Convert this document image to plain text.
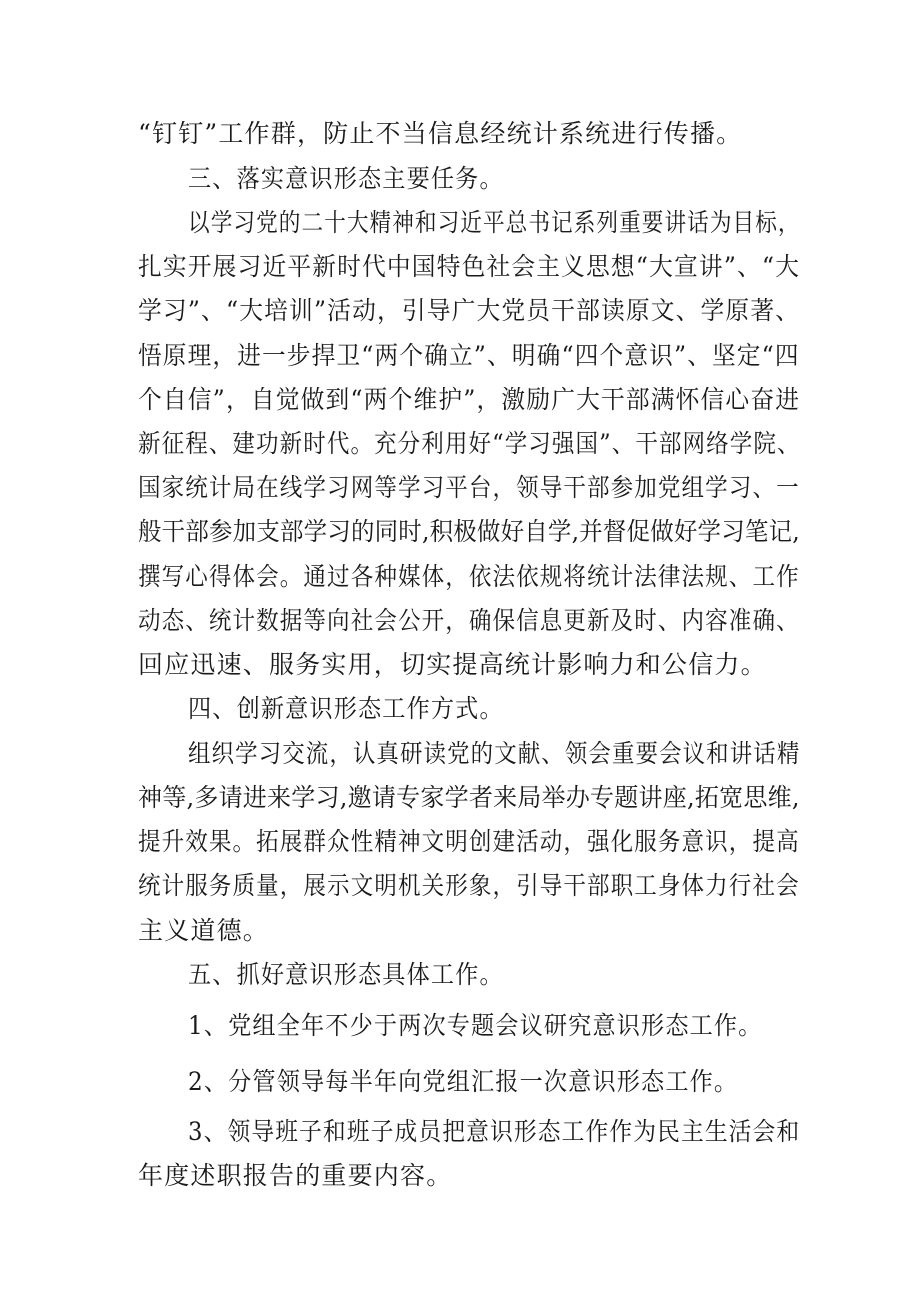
“钉钉”工作群，防止不当信息经统计系统进行传播。

三、落实意识形态主要任务。

以学习党的二十大精神和习近平总书记系列重要讲话为目标，

扎实开展习近平新时代中国特色社会主义思想“大宣讲”、“大

学习”、“大培训”活动，引导广大党员干部读原文、学原著、

悟原理，进一步捍卫“两个确立”、明确“四个意识”、坚定“四

个自信”，自觉做到“两个维护”，激励广大干部满怀信心奋进

新征程、建功新时代。充分利用好“学习强国”、干部网络学院、

国家统计局在线学习网等学习平台，领导干部参加党组学习、一

般干部参加支部学习的同时,积极做好自学,并督促做好学习笔记,

撰写心得体会。通过各种媒体，依法依规将统计法律法规、工作

动态、统计数据等向社会公开，确保信息更新及时、内容准确、

回应迅速、服务实用，切实提高统计影响力和公信力。

四、创新意识形态工作方式。

组织学习交流，认真研读党的文献、领会重要会议和讲话精

神等,多请进来学习,邀请专家学者来局举办专题讲座,拓宽思维,

提升效果。拓展群众性精神文明创建活动，强化服务意识，提高

统计服务质量，展示文明机关形象，引导干部职工身体力行社会

主义道德。

五、抓好意识形态具体工作。

1、党组全年不少于两次专题会议研究意识形态工作。

2、分管领导每半年向党组汇报一次意识形态工作。

3、领导班子和班子成员把意识形态工作作为民主生活会和

年度述职报告的重要内容。
